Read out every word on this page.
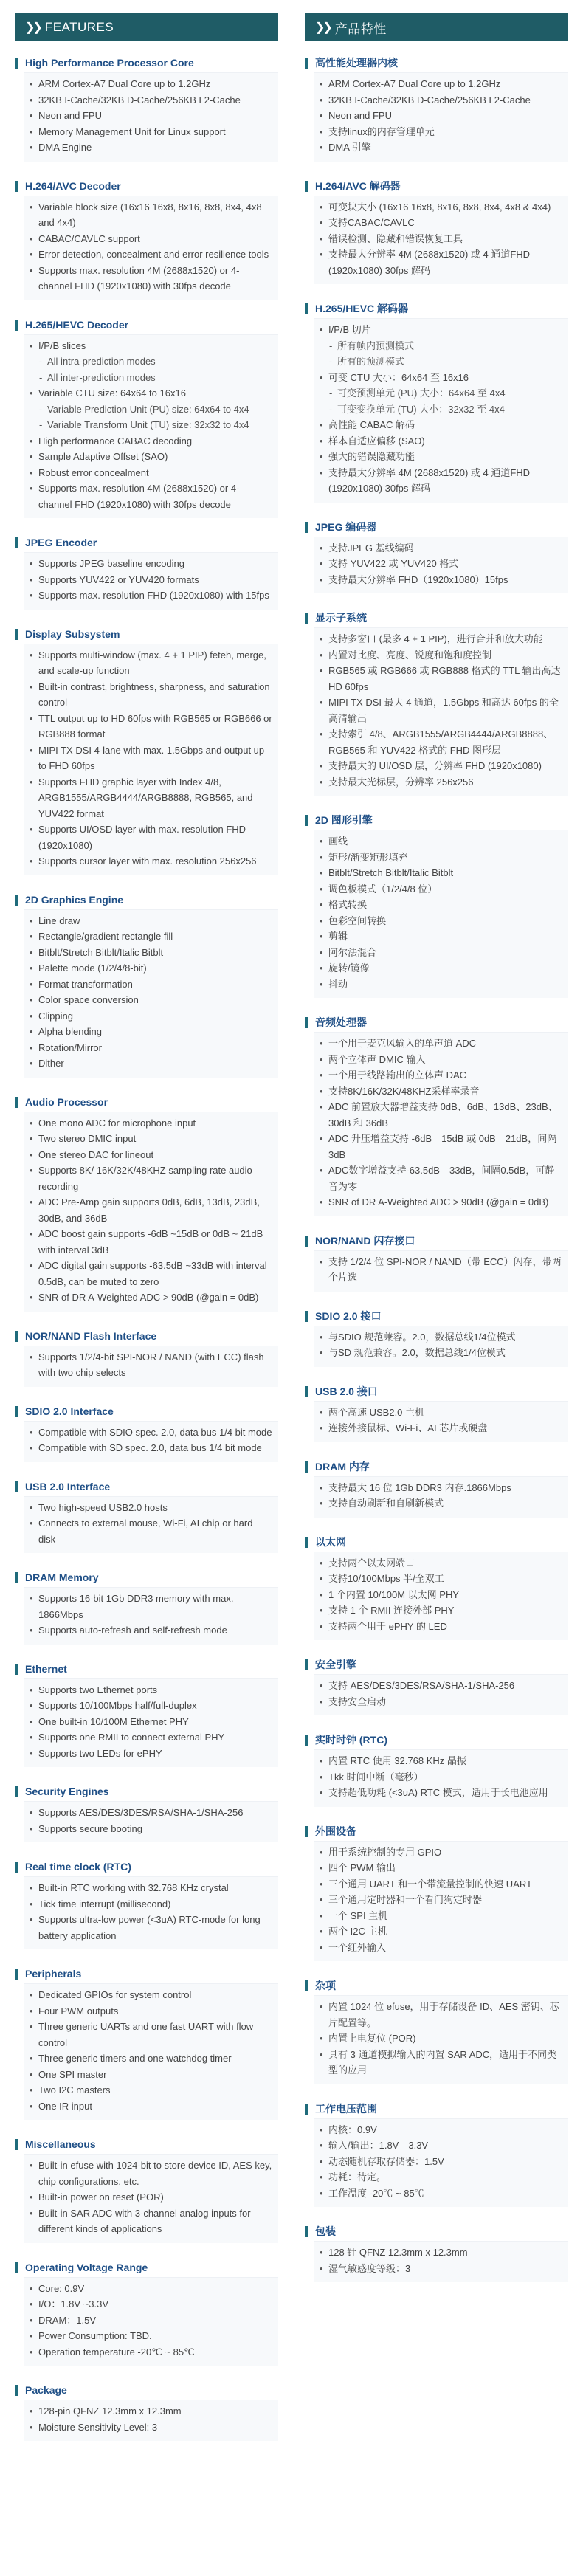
❯❯ FEATURES
High Performance Processor Core
• ARM Cortex-A7 Dual Core up to 1.2GHz
• 32KB I-Cache/32KB D-Cache/256KB L2-Cache
• Neon and FPU
• Memory Management Unit for Linux support
• DMA Engine
H.264/AVC Decoder
• Variable block size (16x16 16x8, 8x16, 8x8, 8x4, 4x8 and 4x4)
• CABAC/CAVLC support
• Error detection, concealment and error resilience tools
• Supports max. resolution 4M (2688x1520) or 4-channel FHD (1920x1080) with 30fps decode
H.265/HEVC Decoder
• I/P/B slices
- All intra-prediction modes
- All inter-prediction modes
• Variable CTU size: 64x64 to 16x16
- Variable Prediction Unit (PU) size: 64x64 to 4x4
- Variable Transform Unit (TU) size: 32x32 to 4x4
• High performance CABAC decoding
• Sample Adaptive Offset (SAO)
• Robust error concealment
• Supports max. resolution 4M (2688x1520) or 4-channel FHD (1920x1080) with 30fps decode
JPEG Encoder
• Supports JPEG baseline encoding
• Supports YUV422 or YUV420 formats
• Supports max. resolution FHD (1920x1080) with 15fps
Display Subsystem
• Supports multi-window (max. 4 + 1 PIP) feteh, merge, and scale-up function
• Built-in contrast, brightness, sharpness, and saturation control
• TTL output up to HD 60fps with RGB565 or RGB666 or RGB888 format
• MIPI TX DSI 4-lane with max. 1.5Gbps and output up to FHD 60fps
• Supports FHD graphic layer with Index 4/8, ARGB1555/ARGB4444/ARGB8888, RGB565, and YUV422 format
• Supports UI/OSD layer with max. resolution FHD (1920x1080)
• Supports cursor layer with max. resolution 256x256
2D Graphics Engine
• Line draw
• Rectangle/gradient rectangle fill
• Bitblt/Stretch Bitblt/Italic Bitblt
• Palette mode (1/2/4/8-bit)
• Format transformation
• Color space conversion
• Clipping
• Alpha blending
• Rotation/Mirror
• Dither
Audio Processor
• One mono ADC for microphone input
• Two stereo DMIC input
• One stereo DAC for lineout
• Supports 8K/ 16K/32K/48KHZ sampling rate audio recording
• ADC Pre-Amp gain supports 0dB, 6dB, 13dB, 23dB, 30dB, and 36dB
• ADC boost gain supports -6dB ~15dB or 0dB ~ 21dB with interval 3dB
• ADC digital gain supports -63.5dB ~33dB with interval 0.5dB, can be muted to zero
• SNR of DR A-Weighted ADC > 90dB (@gain = 0dB)
NOR/NAND Flash Interface
• Supports 1/2/4-bit SPI-NOR / NAND (with ECC) flash with two chip selects
SDIO 2.0 Interface
• Compatible with SDIO spec. 2.0, data bus 1/4 bit mode
• Compatible with SD spec. 2.0, data bus 1/4 bit mode
USB 2.0 Interface
• Two high-speed USB2.0 hosts
• Connects to external mouse, Wi-Fi, AI chip or hard disk
DRAM Memory
• Supports 16-bit 1Gb DDR3 memory with max. 1866Mbps
• Supports auto-refresh and self-refresh mode
Ethernet
• Supports two Ethernet ports
• Supports 10/100Mbps half/full-duplex
• One built-in 10/100M Ethernet PHY
• Supports one RMII to connect external PHY
• Supports two LEDs for ePHY
Security Engines
• Supports AES/DES/3DES/RSA/SHA-1/SHA-256
• Supports secure booting
Real time clock (RTC)
• Built-in RTC working with 32.768 KHz crystal
• Tick time interrupt (millisecond)
• Supports ultra-low power (<3uA) RTC-mode for long battery application
Peripherals
• Dedicated GPIOs for system control
• Four PWM outputs
• Three generic UARTs and one fast UART with flow control
• Three generic timers and one watchdog timer
• One SPI master
• Two I2C masters
• One IR input
Miscellaneous
• Built-in efuse with 1024-bit to store device ID, AES key, chip configurations, etc.
• Built-in power on reset (POR)
• Built-in SAR ADC with 3-channel analog inputs for different kinds of applications
Operating Voltage Range
• Core: 0.9V
• I/O：1.8V ~3.3V
• DRAM：1.5V
• Power Consumption: TBD.
• Operation temperature -20℃ ~ 85℃
Package
• 128-pin QFNZ 12.3mm x 12.3mm
• Moisture Sensitivity Level: 3
❯❯ 产品特性
高性能处理器内核
• ARM Cortex-A7 Dual Core up to 1.2GHz
• 32KB I-Cache/32KB D-Cache/256KB L2-Cache
• Neon and FPU
• 支持linux的内存管理单元
• DMA 引擎
H.264/AVC 解码器
• 可变块大小 (16x16 16x8, 8x16, 8x8, 8x4, 4x8 & 4x4)
• 支持CABAC/CAVLC
• 错误检测、隐藏和错误恢复工具
• 支持最大分辨率 4M (2688x1520) 或 4 通道FHD (1920x1080) 30fps 解码
H.265/HEVC 解码器
• I/P/B 切片
- 所有帧内预测模式
- 所有的预测模式
• 可变 CTU 大小：64x64 至 16x16
- 可变预测单元 (PU) 大小：64x64 至 4x4
- 可变变换单元 (TU) 大小：32x32 至 4x4
• 高性能 CABAC 解码
• 样本自适应偏移 (SAO)
• 强大的错误隐藏功能
• 支持最大分辨率 4M (2688x1520) 或 4 通道FHD (1920x1080) 30fps 解码
JPEG 编码器
• 支持JPEG 基线编码
• 支持 YUV422 或 YUV420 格式
• 支持最大分辨率 FHD（1920x1080）15fps
显示子系统
• 支持多窗口 (最多 4 + 1 PIP)，进行合并和放大功能
• 内置对比度、亮度、锐度和饱和度控制
• RGB565 或 RGB666 或 RGB888 格式的 TTL 输出高达 HD 60fps
• MIPI TX DSI 最大 4 通道，1.5Gbps 和高达 60fps 的全高清输出
• 支持索引 4/8、ARGB1555/ARGB4444/ARGB8888、RGB565 和 YUV422 格式的 FHD 图形层
• 支持最大的 UI/OSD 层，分辨率 FHD (1920x1080)
• 支持最大光标层，分辨率 256x256
2D 图形引擎
• 画线
• 矩形/渐变矩形填充
• Bitblt/Stretch Bitblt/Italic Bitblt
• 调色板模式（1/2/4/8 位）
• 格式转换
• 色彩空间转换
• 剪辑
• 阿尔法混合
• 旋转/镜像
• 抖动
音频处理器
• 一个用于麦克风输入的单声道 ADC
• 两个立体声 DMIC 输入
• 一个用于线路输出的立体声 DAC
• 支持8K/16K/32K/48KHZ采样率录音
• ADC 前置放大器增益支持 0dB、6dB、13dB、23dB、30dB 和 36dB
• ADC 升压增益支持 -6dB　15dB 或 0dB　21dB，间隔 3dB
• ADC数字增益支持-63.5dB　33dB，间隔0.5dB，可静音为零
• SNR of DR A-Weighted ADC > 90dB (@gain = 0dB)
NOR/NAND 闪存接口
• 支持 1/2/4 位 SPI-NOR / NAND（带 ECC）闪存，带两个片选
SDIO 2.0 接口
• 与SDIO 规范兼容。2.0，数据总线1/4位模式
• 与SD 规范兼容。2.0，数据总线1/4位模式
USB 2.0 接口
• 两个高速 USB2.0 主机
• 连接外接鼠标、Wi-Fi、AI 芯片或硬盘
DRAM 内存
• 支持最大 16 位 1Gb DDR3 内存.1866Mbps
• 支持自动刷新和自刷新模式
以太网
• 支持两个以太网端口
• 支持10/100Mbps 半/全双工
• 1 个内置 10/100M 以太网 PHY
• 支持 1 个 RMII 连接外部 PHY
• 支持两个用于 ePHY 的 LED
安全引擎
• 支持 AES/DES/3DES/RSA/SHA-1/SHA-256
• 支持安全启动
实时时钟 (RTC)
• 内置 RTC 使用 32.768 KHz 晶振
• Tkk 时间中断（毫秒）
• 支持超低功耗 (<3uA) RTC 模式，适用于长电池应用
外围设备
• 用于系统控制的专用 GPIO
• 四个 PWM 输出
• 三个通用 UART 和一个带流量控制的快速 UART
• 三个通用定时器和一个看门狗定时器
• 一个 SPI 主机
• 两个 I2C 主机
• 一个红外输入
杂项
• 内置 1024 位 efuse，用于存储设备 ID、AES 密钥、芯片配置等。
• 内置上电复位 (POR)
• 具有 3 通道模拟输入的内置 SAR ADC，适用于不同类型的应用
工作电压范围
• 内核：0.9V
• 输入/输出：1.8V　3.3V
• 动态随机存取存储器：1.5V
• 功耗：待定。
• 工作温度 -20℃ ~ 85℃
包装
• 128 针 QFNZ 12.3mm x 12.3mm
• 湿气敏感度等级：3
